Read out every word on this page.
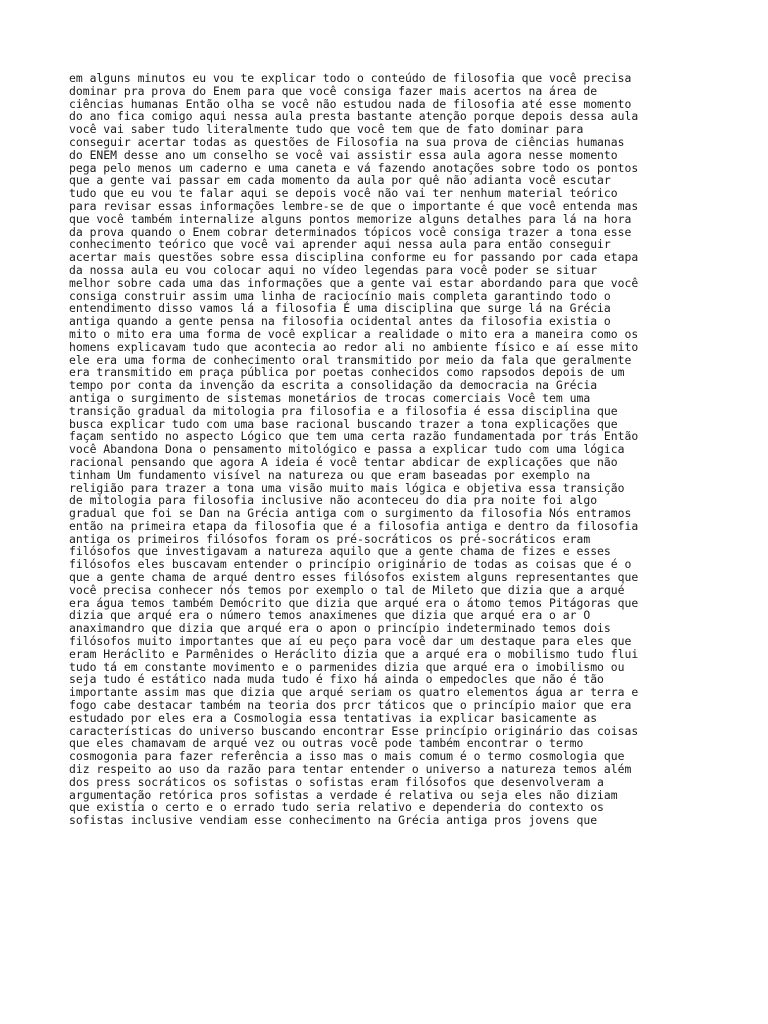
em alguns minutos eu vou te explicar todo o conteúdo de filosofia que você precisa
dominar pra prova do Enem para que você consiga fazer mais acertos na área de
ciências humanas Então olha se você não estudou nada de filosofia até esse momento
do ano fica comigo aqui nessa aula presta bastante atenção porque depois dessa aula
você vai saber tudo literalmente tudo que você tem que de fato dominar para
conseguir acertar todas as questões de Filosofia na sua prova de ciências humanas
do ENEM desse ano um conselho se você vai assistir essa aula agora nesse momento
pega pelo menos um caderno e uma caneta e vá fazendo anotações sobre todo os pontos
que a gente vai passar em cada momento da aula por quê não adianta você escutar
tudo que eu vou te falar aqui se depois você não vai ter nenhum material teórico
para revisar essas informações lembre-se de que o importante é que você entenda mas
que você também internalize alguns pontos memorize alguns detalhes para lá na hora
da prova quando o Enem cobrar determinados tópicos você consiga trazer a tona esse
conhecimento teórico que você vai aprender aqui nessa aula para então conseguir
acertar mais questões sobre essa disciplina conforme eu for passando por cada etapa
da nossa aula eu vou colocar aqui no vídeo legendas para você poder se situar
melhor sobre cada uma das informações que a gente vai estar abordando para que você
consiga construir assim uma linha de raciocínio mais completa garantindo todo o
entendimento disso vamos lá a filosofia É uma disciplina que surge lá na Grécia
antiga quando a gente pensa na filosofia ocidental antes da filosofia existia o
mito o mito era uma forma de você explicar a realidade o mito era a maneira como os
homens explicavam tudo que acontecia ao redor ali no ambiente físico e aí esse mito
ele era uma forma de conhecimento oral transmitido por meio da fala que geralmente
era transmitido em praça pública por poetas conhecidos como rapsodos depois de um
tempo por conta da invenção da escrita a consolidação da democracia na Grécia
antiga o surgimento de sistemas monetários de trocas comerciais Você tem uma
transição gradual da mitologia pra filosofia e a filosofia é essa disciplina que
busca explicar tudo com uma base racional buscando trazer a tona explicações que
façam sentido no aspecto Lógico que tem uma certa razão fundamentada por trás Então
você Abandona Dona o pensamento mitológico e passa a explicar tudo com uma lógica
racional pensando que agora A ideia é você tentar abdicar de explicações que não
tinham Um fundamento visível na natureza ou que eram baseadas por exemplo na
religião para trazer a tona uma visão muito mais lógica e objetiva essa transição
de mitologia para filosofia inclusive não aconteceu do dia pra noite foi algo
gradual que foi se Dan na Grécia antiga com o surgimento da filosofia Nós entramos
então na primeira etapa da filosofia que é a filosofia antiga e dentro da filosofia
antiga os primeiros filósofos foram os pré-socráticos os pré-socráticos eram
filósofos que investigavam a natureza aquilo que a gente chama de fizes e esses
filósofos eles buscavam entender o princípio originário de todas as coisas que é o
que a gente chama de arqué dentro esses filósofos existem alguns representantes que
você precisa conhecer nós temos por exemplo o tal de Mileto que dizia que a arqué
era água temos também Demócrito que dizia que arqué era o átomo temos Pitágoras que
dizia que arqué era o número temos anaximenes que dizia que arqué era o ar O
anaximandro que dizia que arqué era o apon o princípio indeterminado temos dois
filósofos muito importantes que aí eu peço para você dar um destaque para eles que
eram Heráclito e Parmênides o Heráclito dizia que a arqué era o mobilismo tudo flui
tudo tá em constante movimento e o parmenides dizia que arqué era o imobilismo ou
seja tudo é estático nada muda tudo é fixo há ainda o empedocles que não é tão
importante assim mas que dizia que arqué seriam os quatro elementos água ar terra e
fogo cabe destacar também na teoria dos prcr táticos que o princípio maior que era
estudado por eles era a Cosmologia essa tentativas ia explicar basicamente as
características do universo buscando encontrar Esse princípio originário das coisas
que eles chamavam de arqué vez ou outras você pode também encontrar o termo
cosmogonia para fazer referência a isso mas o mais comum é o termo cosmologia que
diz respeito ao uso da razão para tentar entender o universo a natureza temos além
dos press socráticos os sofistas o sofistas eram filósofos que desenvolveram a
argumentação retórica pros sofistas a verdade é relativa ou seja eles não diziam
que existia o certo e o errado tudo seria relativo e dependeria do contexto os
sofistas inclusive vendiam esse conhecimento na Grécia antiga pros jovens que
